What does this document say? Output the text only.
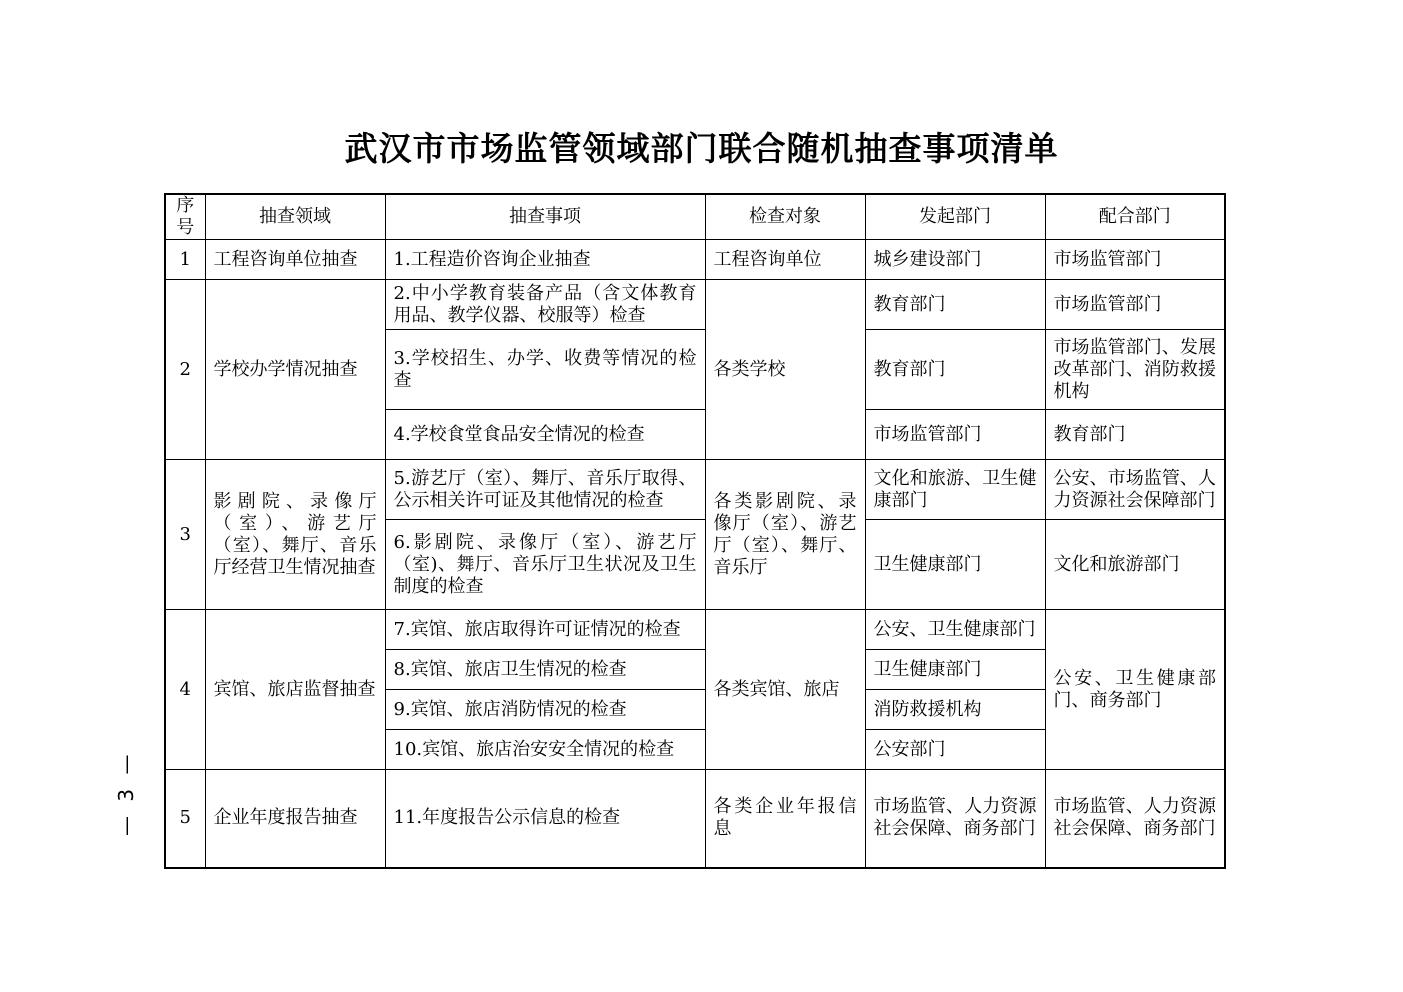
武汉市市场监管领域部门联合随机抽查事项清单
序号	抽查领域	抽查事项	检查对象	发起部门	配合部门
1	工程咨询单位抽查	1.工程造价咨询企业抽查	工程咨询单位	城乡建设部门	市场监管部门
2	学校办学情况抽查	2.中小学教育装备产品（含文体教育用品、教学仪器、校服等）检查	各类学校	教育部门	市场监管部门
		3.学校招生、办学、收费等情况的检查		教育部门	市场监管部门、发展改革部门、消防救援机构
		4.学校食堂食品安全情况的检查		市场监管部门	教育部门
3	影剧院、录像厅（室）、游艺厅（室）、舞厅、音乐厅经营卫生情况抽查	5.游艺厅（室）、舞厅、音乐厅取得、公示相关许可证及其他情况的检查	各类影剧院、录像厅（室）、游艺厅（室）、舞厅、音乐厅	文化和旅游、卫生健康部门	公安、市场监管、人力资源社会保障部门
		6.影剧院、录像厅（室）、游艺厅（室)、舞厅、音乐厅卫生状况及卫生制度的检查		卫生健康部门	文化和旅游部门
4	宾馆、旅店监督抽查	7.宾馆、旅店取得许可证情况的检查	各类宾馆、旅店	公安、卫生健康部门	公安、卫生健康部门、商务部门
		8.宾馆、旅店卫生情况的检查		卫生健康部门	
		9.宾馆、旅店消防情况的检查		消防救援机构	
		10.宾馆、旅店治安安全情况的检查		公安部门	
5	企业年度报告抽查	11.年度报告公示信息的检查	各类企业年报信息	市场监管、人力资源社会保障、商务部门	市场监管、人力资源社会保障、商务部门
— 3 —
